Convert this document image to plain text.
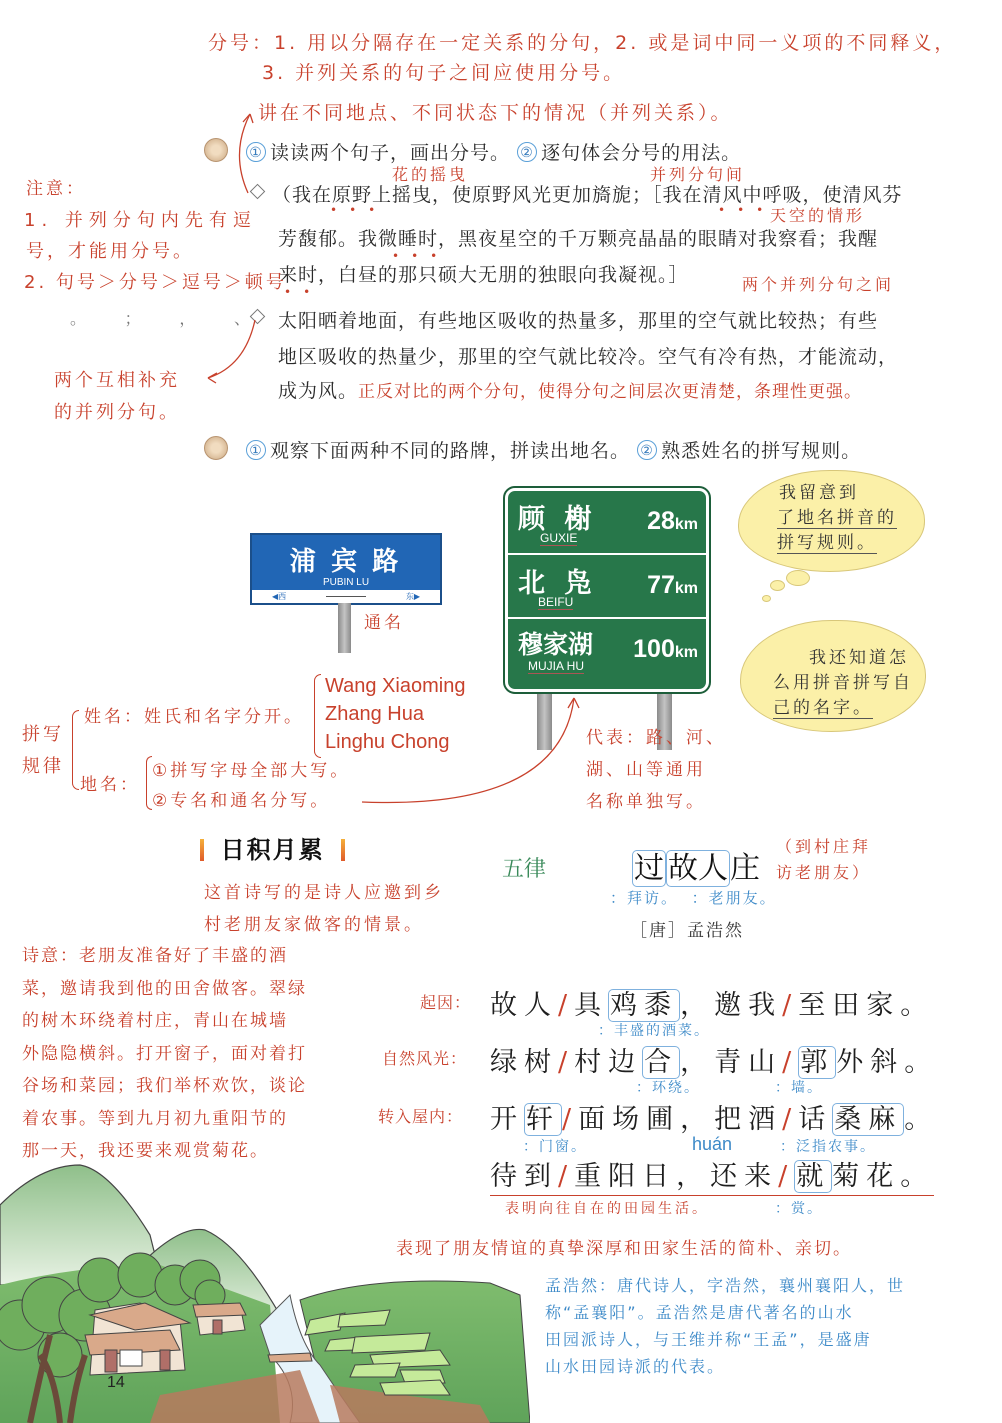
分号：1. 用以分隔存在一定关系的分句，2. 或是词中同一义项的不同释义，
3. 并列关系的句子之间应使用分号。
讲在不同地点、不同状态下的情况（并列关系）。
① 读读两个句子，画出分号。 ② 逐句体会分号的用法。
花的摇曳	并列分句间
（我在原野上摇曳，使原野风光更加旖旎；［我在清风中呼吸，使清风芬
•••	•••
天空的情形
芳馥郁。我微睡时，黑夜星空的千万颗亮晶晶的眼睛对我察看；我醒
来时，白昼的那只硕大无朋的独眼向我凝视。］
•••
••	两个并列分句之间
太阳晒着地面，有些地区吸收的热量多，那里的空气就比较热；有些
地区吸收的热量少，那里的空气就比较冷。空气有冷有热，才能流动，
成为风。正反对比的两个分句，使得分句之间层次更清楚，条理性更强。
注意：
1. 并列分句内先有逗
号，才能用分号。
2. 句号＞分号＞逗号＞顿号
。 ； ， 、
两个互相补充
的并列分句。
① 观察下面两种不同的路牌，拼读出地名。 ② 熟悉姓名的拼写规则。
浦 宾 路
PUBIN LU
◀西	东▶
通名
顾 榭
GUXIE
28km
北 凫
BEIFU
77km
穆家湖
MUJIA HU
100km
我留意到
了地名拼音的
拼写规则。
我还知道怎
么用拼音拼写自
己的名字。
拼写
规律
姓名：姓氏和名字分开。
Wang Xiaoming
Zhang Hua
Linghu Chong
地名：
①拼写字母全部大写。
②专名和通名分写。
代表：路、河、
湖、山等通用
名称单独写。
日积月累
这首诗写的是诗人应邀到乡
村老朋友家做客的情景。
五律	过 故人庄
（到村庄拜
访老朋友）
：拜访。 ：老朋友。
［唐］孟浩然
诗意：老朋友准备好了丰盛的酒
菜，邀请我到他的田舍做客。翠绿
的树木环绕着村庄，青山在城墙
外隐隐横斜。打开窗子，面对着打
谷场和菜园；我们举杯欢饮，谈论
着农事。等到九月初九重阳节的
那一天，我还要来观赏菊花。
起因： 故人/具鸡黍，邀我/至田家。
：丰盛的酒菜。
自然风光： 绿树/村边合，青山/郭外斜。
：环绕。	：墙。
转入屋内： 开轩/面场圃，把酒/话桑麻。
：门窗。	huán	：泛指农事。
待到/重阳日，还来/就菊花。
表明向往自在的田园生活。	：赏。
表现了朋友情谊的真挚深厚和田家生活的简朴、亲切。
孟浩然：唐代诗人，字浩然，襄州襄阳人，世
称“孟襄阳”。孟浩然是唐代著名的山水
田园派诗人，与王维并称“王孟”，是盛唐
山水田园诗派的代表。
14
